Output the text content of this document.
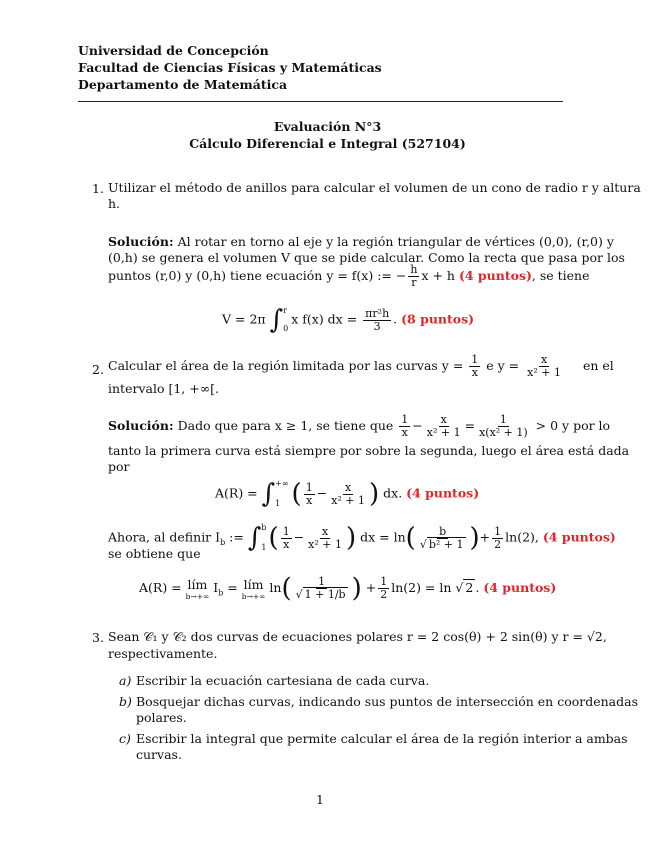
Universidad de Concepción
Facultad de Ciencias Físicas y Matemáticas
Departamento de Matemática
Evaluación N°3
Cálculo Diferencial e Integral (527104)
1. Utilizar el método de anillos para calcular el volumen de un cono de radio r y altura
h.
Solución: Al rotar en torno al eje y la región triangular de vértices (0,0), (r,0) y
(0,h) se genera el volumen V que se pide calcular. Como la recta que pasa por los
puntos (r,0) y (0,h) tiene ecuación y = f(x) := − $\frac{h}{r}$ x + h (4 puntos), se tiene
V = 2π ∫ r
0
x f(x) dx = $\frac{\text{πr²h}}{3}$ . (8 puntos)
2. Calcular el área de la región limitada por las curvas $y = \frac{1}{x}$ e $y = \frac{x}{\text{x² + 1}}$ en el
intervalo [1, +∞[.
Solución: Dado que para x ≥ 1, se tiene que $\frac{1}{x} - \frac{x}{\text{x² + 1}} = \frac{1}{\text{x(x² + 1)}} > 0$ y por lo
tanto la primera curva está siempre por sobre la segunda, luego el área está dada
por
A(R) = ∫ +∞
1 ( $\frac{1}{x} - \frac{x}{\text{x² + 1}}$ ) dx. (4 puntos)
Ahora, al definir $I_b$ := ∫ b
1 ( $\frac{1}{x} - \frac{x}{\text{x² + 1}}$ ) dx = $\ln( \frac{b}{\text{√ b² + 1}}$ )+ $\frac{1}{2} \ln(2)$, (4 puntos)
se obtiene que
A(R) = lím
b→+∞
$I_b$ = lím
b→+∞
$\ln( \frac{1}{√ 1 + 1/b}$ ) + $\frac{1}{2} \ln(2) = \ln$ √ 2 . (4 puntos)
3. Sean 𝒞₁ y 𝒞₂ dos curvas de ecuaciones polares r = 2 cos(θ) + 2 sin(θ) y r = √2,
respectivamente.
a) Escribir la ecuación cartesiana de cada curva.
b) Bosquejar dichas curvas, indicando sus puntos de intersección en coordenadas
polares.
c) Escribir la integral que permite calcular el área de la región interior a ambas
curvas.
1
